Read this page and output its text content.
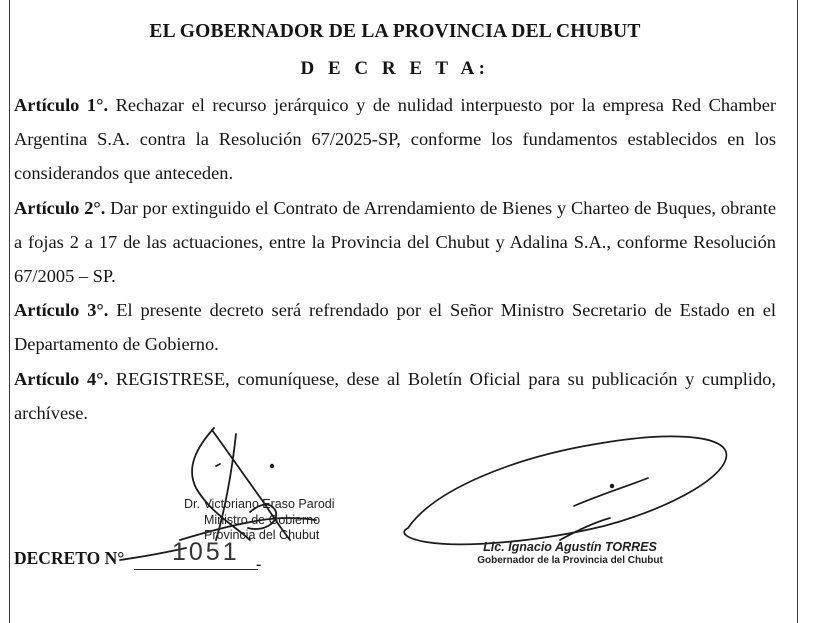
EL GOBERNADOR DE LA PROVINCIA DEL CHUBUT
D E C R E T A:

Artículo 1°. Rechazar el recurso jerárquico y de nulidad interpuesto por la empresa Red Chamber Argentina S.A. contra la Resolución 67/2025-SP, conforme los fundamentos establecidos en los considerandos que anteceden.

Artículo 2°. Dar por extinguido el Contrato de Arrendamiento de Bienes y Charteo de Buques, obrante a fojas 2 a 17 de las actuaciones, entre la Provincia del Chubut y Adalina S.A., conforme Resolución 67/2005 – SP.

Artículo 3°. El presente decreto será refrendado por el Señor Ministro Secretario de Estado en el Departamento de Gobierno.

Artículo 4°. REGISTRESE, comuníquese, dese al Boletín Oficial para su publicación y cumplido, archívese.

Dr. Victoriano Eraso Parodi
Ministro de Gobierno
Provincia del Chubut
Lic. Ignacio Agustín TORRES
Gobernador de la Provincia del Chubut
DECRETO N° 1051 -
